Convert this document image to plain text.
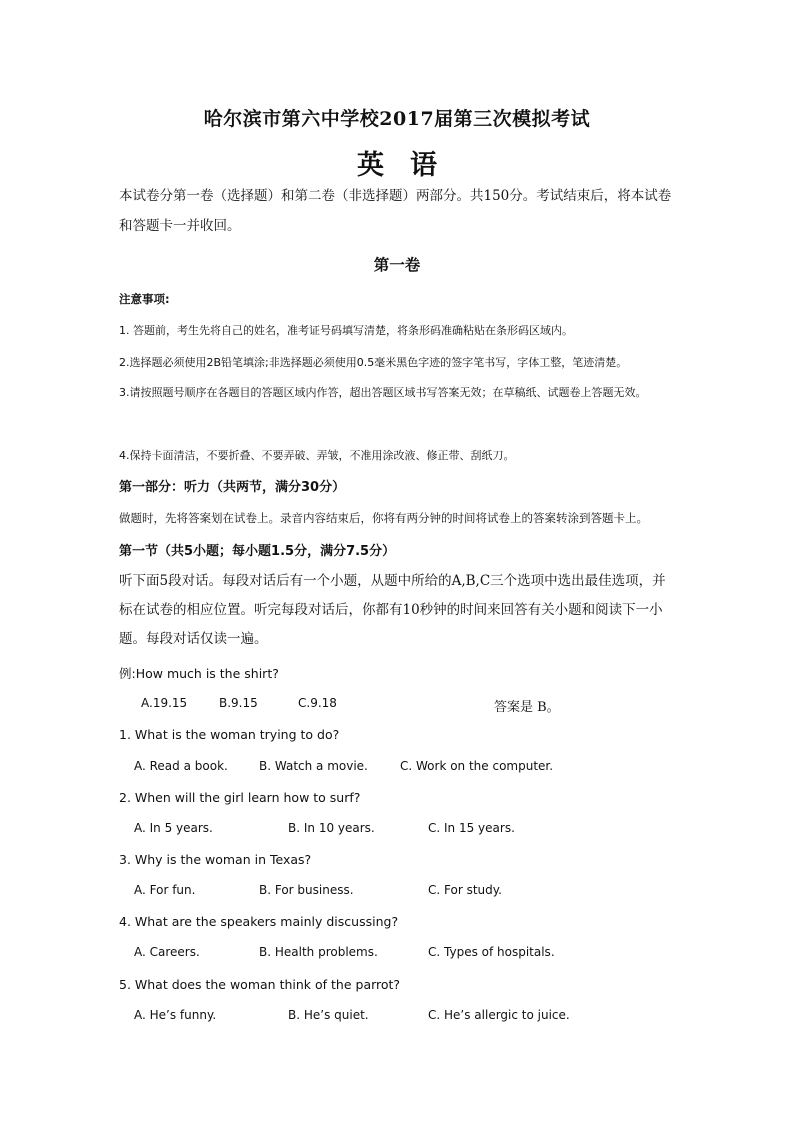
哈尔滨市第六中学校2017届第三次模拟考试
英语
本试卷分第一卷（选择题）和第二卷（非选择题）两部分。共150分。考试结束后，将本试卷和答题卡一并收回。
第一卷
注意事项:
1. 答题前，考生先将自己的姓名，准考证号码填写清楚，将条形码准确粘贴在条形码区域内。
2.选择题必须使用2B铅笔填涂;非选择题必须使用0.5毫米黑色字迹的签字笔书写，字体工整，笔迹清楚。
3.请按照题号顺序在各题目的答题区域内作答，超出答题区域书写答案无效；在草稿纸、试题卷上答题无效。
4.保持卡面清洁，不要折叠、不要弄破、弄皱，不准用涂改液、修正带、刮纸刀。
第一部分：听力（共两节，满分30分）
做题时，先将答案划在试卷上。录音内容结束后，你将有两分钟的时间将试卷上的答案转涂到答题卡上。
第一节（共5小题；每小题1.5分，满分7.5分）
听下面5段对话。每段对话后有一个小题，从题中所给的A,B,C三个选项中选出最佳选项，并标在试卷的相应位置。听完每段对话后，你都有10秒钟的时间来回答有关小题和阅读下一小题。每段对话仅读一遍。
例:How much is the shirt?
A.19.15	B.9.15	C.9.18	答案是 B。
1. What is the woman trying to do?
A. Read a book.	B. Watch a movie.	C. Work on the computer.
2. When will the girl learn how to surf?
A. In 5 years.	B. In 10 years.	C. In 15 years.
3. Why is the woman in Texas?
A. For fun.	B. For business.	C. For study.
4. What are the speakers mainly discussing?
A. Careers.	B. Health problems.	C. Types of hospitals.
5. What does the woman think of the parrot?
A. He’s funny.	B. He’s quiet.	C. He’s allergic to juice.
